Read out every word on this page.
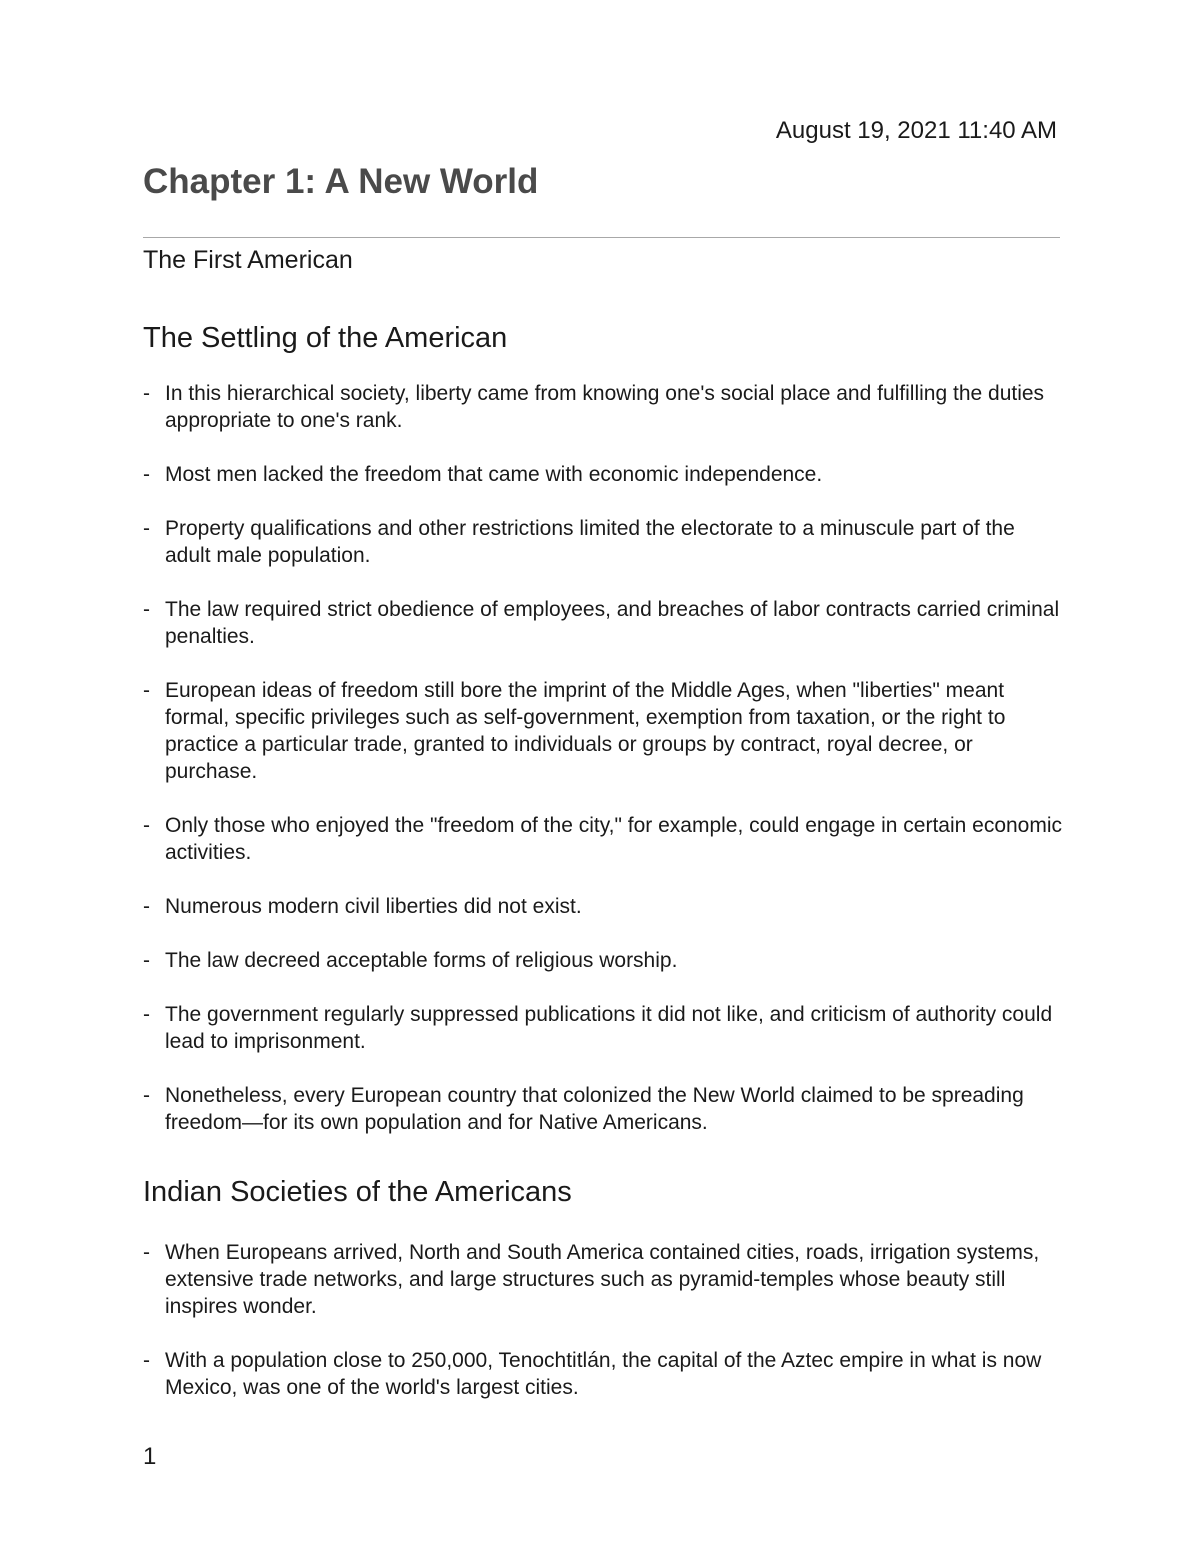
August 19, 2021 11:40 AM
Chapter 1: A New World
The First American
The Settling of the American
- In this hierarchical society, liberty came from knowing one's social place and fulfilling the duties appropriate to one's rank.
- Most men lacked the freedom that came with economic independence.
- Property qualifications and other restrictions limited the electorate to a minuscule part of the adult male population.
- The law required strict obedience of employees, and breaches of labor contracts carried criminal penalties.
- European ideas of freedom still bore the imprint of the Middle Ages, when "liberties" meant formal, specific privileges such as self-government, exemption from taxation, or the right to practice a particular trade, granted to individuals or groups by contract, royal decree, or purchase.
- Only those who enjoyed the "freedom of the city," for example, could engage in certain economic activities.
- Numerous modern civil liberties did not exist.
- The law decreed acceptable forms of religious worship.
- The government regularly suppressed publications it did not like, and criticism of authority could lead to imprisonment.
- Nonetheless, every European country that colonized the New World claimed to be spreading freedom—for its own population and for Native Americans.
Indian Societies of the Americans
- When Europeans arrived, North and South America contained cities, roads, irrigation systems, extensive trade networks, and large structures such as pyramid-temples whose beauty still inspires wonder.
- With a population close to 250,000, Tenochtitlán, the capital of the Aztec empire in what is now Mexico, was one of the world's largest cities.
1
